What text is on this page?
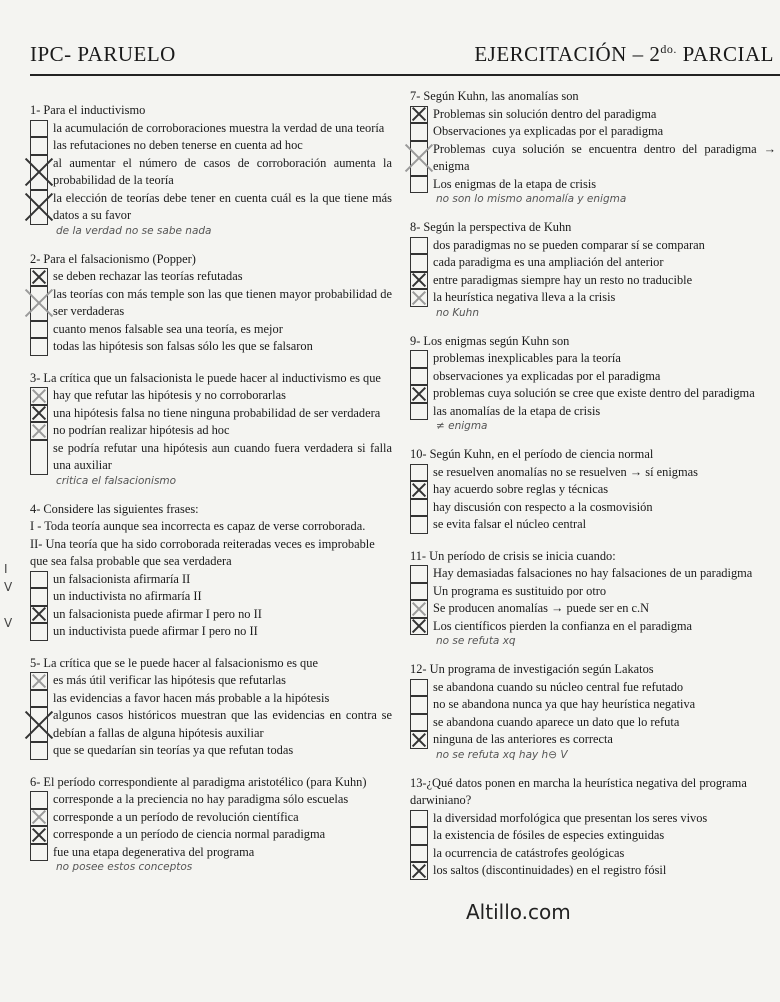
IPC- PARUELO	EJERCITACIÓN – $2^{do.}$ PARCIAL
I
V
V
1- Para el inductivismo
la acumulación de corroboraciones muestra la verdad de una teoría
las refutaciones no deben tenerse en cuenta ad hoc
al aumentar el número de casos de corroboración aumenta la probabilidad de la teoría
la elección de teorías debe tener en cuenta cuál es la que tiene más datos a su favor
de la verdad no se sabe nada
2- Para el falsacionismo (Popper)
se deben rechazar las teorías refutadas
las teorías con más temple son las que tienen mayor probabilidad de ser verdaderas
cuanto menos falsable sea una teoría, es mejor
todas las hipótesis son falsas sólo les que se falsaron
3- La crítica que un falsacionista le puede hacer al inductivismo es que
hay que refutar las hipótesis y no corroborarlas
una hipótesis falsa no tiene ninguna probabilidad de ser verdadera
no podrían realizar hipótesis ad hoc
se podría refutar una hipótesis aun cuando fuera verdadera si falla una auxiliar
critica el falsacionismo
4- Considere las siguientes frases:
I - Toda teoría aunque sea incorrecta es capaz de verse corroborada.
II- Una teoría que ha sido corroborada reiteradas veces es improbable que sea falsa probable que sea verdadera
un falsacionista afirmaría II
un inductivista no afirmaría II
un falsacionista puede afirmar I pero no II
un inductivista puede afirmar I pero no II
5- La crítica que se le puede hacer al falsacionismo es que
es más útil verificar las hipótesis que refutarlas
las evidencias a favor hacen más probable a la hipótesis
algunos casos históricos muestran que las evidencias en contra se debían a fallas de alguna hipótesis auxiliar
que se quedarían sin teorías ya que refutan todas
6- El período correspondiente al paradigma aristotélico (para Kuhn)
corresponde a la preciencia no hay paradigma sólo escuelas
corresponde a un período de revolución científica
corresponde a un período de ciencia normal paradigma
fue una etapa degenerativa del programa
no posee estos conceptos
7- Según Kuhn, las anomalías son
Problemas sin solución dentro del paradigma
Observaciones ya explicadas por el paradigma
Problemas cuya solución se encuentra dentro del paradigma → enigma
Los enigmas de la etapa de crisis
no son lo mismo anomalía y enigma
8- Según la perspectiva de Kuhn
dos paradigmas no se pueden comparar sí se comparan
cada paradigma es una ampliación del anterior
entre paradigmas siempre hay un resto no traducible
la heurística negativa lleva a la crisis
no Kuhn
9- Los enigmas según Kuhn son
problemas inexplicables para la teoría
observaciones ya explicadas por el paradigma
problemas cuya solución se cree que existe dentro del paradigma
las anomalías de la etapa de crisis
≠ enigma
10- Según Kuhn, en el período de ciencia normal
se resuelven anomalías no se resuelven → sí enigmas
hay acuerdo sobre reglas y técnicas
hay discusión con respecto a la cosmovisión
se evita falsar el núcleo central
11- Un período de crisis se inicia cuando:
Hay demasiadas falsaciones no hay falsaciones de un paradigma
Un programa es sustituido por otro
Se producen anomalías → puede ser en c.N
Los científicos pierden la confianza en el paradigma
no se refuta xq
12- Un programa de investigación según Lakatos
se abandona cuando su núcleo central fue refutado
no se abandona nunca ya que hay heurística negativa
se abandona cuando aparece un dato que lo refuta
ninguna de las anteriores es correcta
no se refuta xq hay h⊖ V
13-¿Qué datos ponen en marcha la heurística negativa del programa darwiniano?
la diversidad morfológica que presentan los seres vivos
la existencia de fósiles de especies extinguidas
la ocurrencia de catástrofes geológicas
los saltos (discontinuidades) en el registro fósil
Altillo.com
